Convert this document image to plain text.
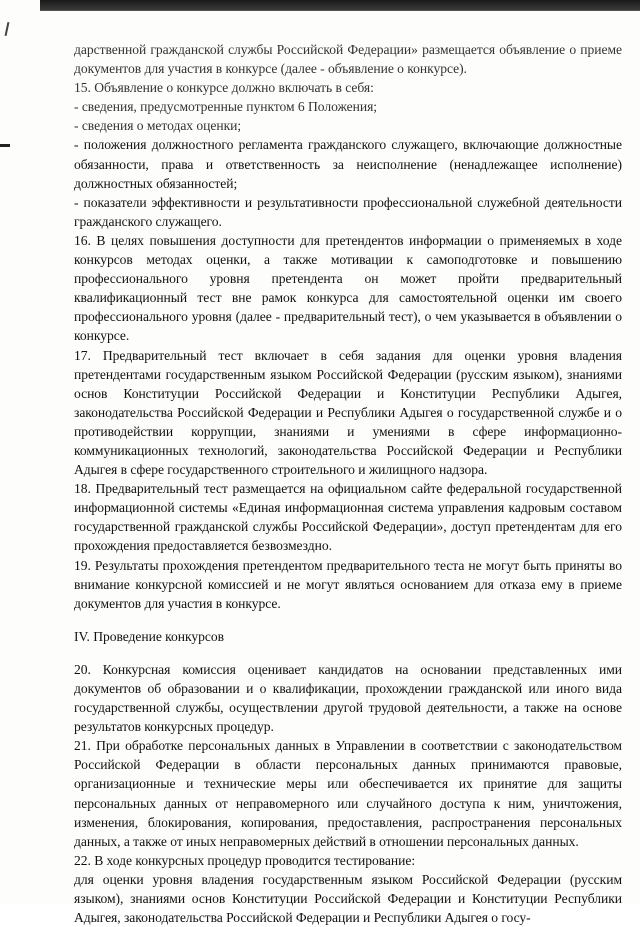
дарственной гражданской службы Российской Федерации» размещается объявление о приеме документов для участия в конкурсе (далее - объявление о конкурсе).

15. Объявление о конкурсе должно включать в себя:

- сведения, предусмотренные пунктом 6 Положения;

- сведения о методах оценки;

- положения должностного регламента гражданского служащего, включающие должностные обязанности, права и ответственность за неисполнение (ненадлежащее исполнение) должностных обязанностей;

- показатели эффективности и результативности профессиональной служебной деятельности гражданского служащего.

16. В целях повышения доступности для претендентов информации о применяемых в ходе конкурсов методах оценки, а также мотивации к самоподготовке и повышению профессионального уровня претендента он может пройти предварительный квалификационный тест вне рамок конкурса для самостоятельной оценки им своего профессионального уровня (далее - предварительный тест), о чем указывается в объявлении о конкурсе.

17. Предварительный тест включает в себя задания для оценки уровня владения претендентами государственным языком Российской Федерации (русским языком), знаниями основ Конституции Российской Федерации и Конституции Республики Адыгея, законодательства Российской Федерации и Республики Адыгея о государственной службе и о противодействии коррупции, знаниями и умениями в сфере информационно-коммуникационных технологий, законодательства Российской Федерации и Республики Адыгея в сфере государственного строительного и жилищного надзора.

18. Предварительный тест размещается на официальном сайте федеральной государственной информационной системы «Единая информационная система управления кадровым составом государственной гражданской службы Российской Федерации», доступ претендентам для его прохождения предоставляется безвозмездно.

19. Результаты прохождения претендентом предварительного теста не могут быть приняты во внимание конкурсной комиссией и не могут являться основанием для отказа ему в приеме документов для участия в конкурсе.

IV. Проведение конкурсов

20. Конкурсная комиссия оценивает кандидатов на основании представленных ими документов об образовании и о квалификации, прохождении гражданской или иного вида государственной службы, осуществлении другой трудовой деятельности, а также на основе результатов конкурсных процедур.

21. При обработке персональных данных в Управлении в соответствии с законодательством Российской Федерации в области персональных данных принимаются правовые, организационные и технические меры или обеспечивается их принятие для защиты персональных данных от неправомерного или случайного доступа к ним, уничтожения, изменения, блокирования, копирования, предоставления, распространения персональных данных, а также от иных неправомерных действий в отношении персональных данных.

22. В ходе конкурсных процедур проводится тестирование:

для оценки уровня владения государственным языком Российской Федерации (русским языком), знаниями основ Конституции Российской Федерации и Конституции Республики Адыгея, законодательства Российской Федерации и Республики Адыгея о госу-
